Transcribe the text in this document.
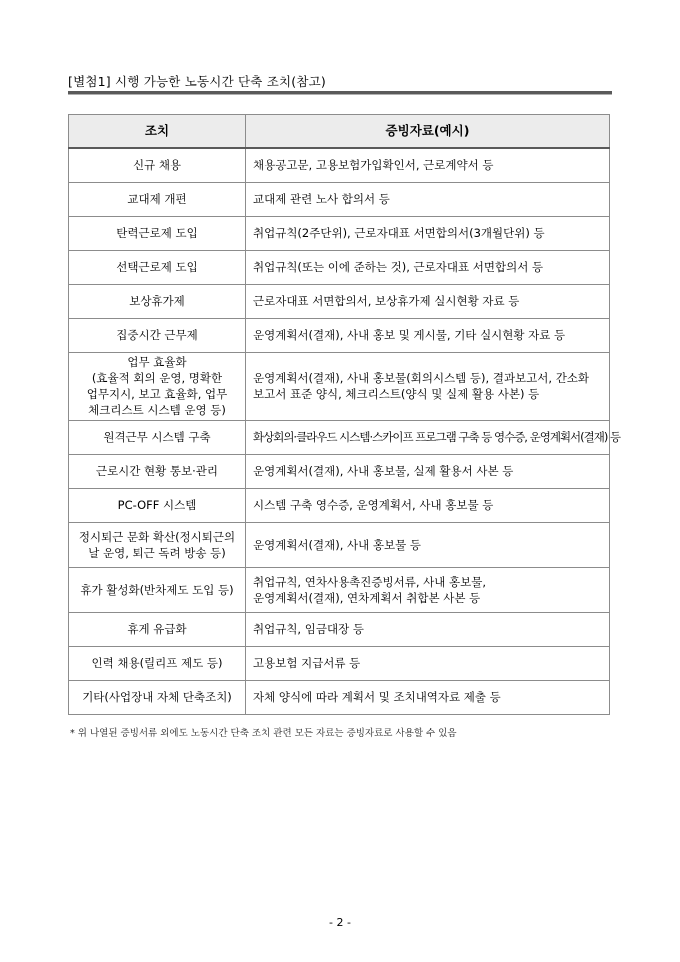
[별첨1] 시행 가능한 노동시간 단축 조치(참고)
조치	증빙자료(예시)
신규 채용	채용공고문, 고용보험가입확인서, 근로계약서 등
교대제 개편	교대제 관련 노사 합의서 등
탄력근로제 도입	취업규칙(2주단위), 근로자대표 서면합의서(3개월단위) 등
선택근로제 도입	취업규칙(또는 이에 준하는 것), 근로자대표 서면합의서 등
보상휴가제	근로자대표 서면합의서, 보상휴가제 실시현황 자료 등
집중시간 근무제	운영계획서(결재), 사내 홍보 및 게시물, 기타 실시현황 자료 등
업무 효율화
(효율적 회의 운영, 명확한
업무지시, 보고 효율화, 업무
체크리스트 시스템 운영 등)	운영계획서(결재), 사내 홍보물(회의시스템 등), 결과보고서, 간소화
보고서 표준 양식, 체크리스트(양식 및 실제 활용 사본) 등
원격근무 시스템 구축	화상회의·클라우드 시스템·스카이프 프로그램 구축 등 영수증, 운영계획서(결재) 등
근로시간 현황 통보·관리	운영계획서(결재), 사내 홍보물, 실제 활용서 사본 등
PC-OFF 시스템	시스템 구축 영수증, 운영계획서, 사내 홍보물 등
정시퇴근 문화 확산(정시퇴근의
날 운영, 퇴근 독려 방송 등)	운영계획서(결재), 사내 홍보물 등
휴가 활성화(반차제도 도입 등)	취업규칙, 연차사용촉진증빙서류, 사내 홍보물,
운영계획서(결재), 연차계획서 취합본 사본 등
휴게 유급화	취업규칙, 임금대장 등
인력 채용(릴리프 제도 등)	고용보험 지급서류 등
기타(사업장내 자체 단축조치)	자체 양식에 따라 계획서 및 조치내역자료 제출 등
* 위 나열된 증빙서류 외에도 노동시간 단축 조치 관련 모든 자료는 증빙자료로 사용할 수 있음
- 2 -
